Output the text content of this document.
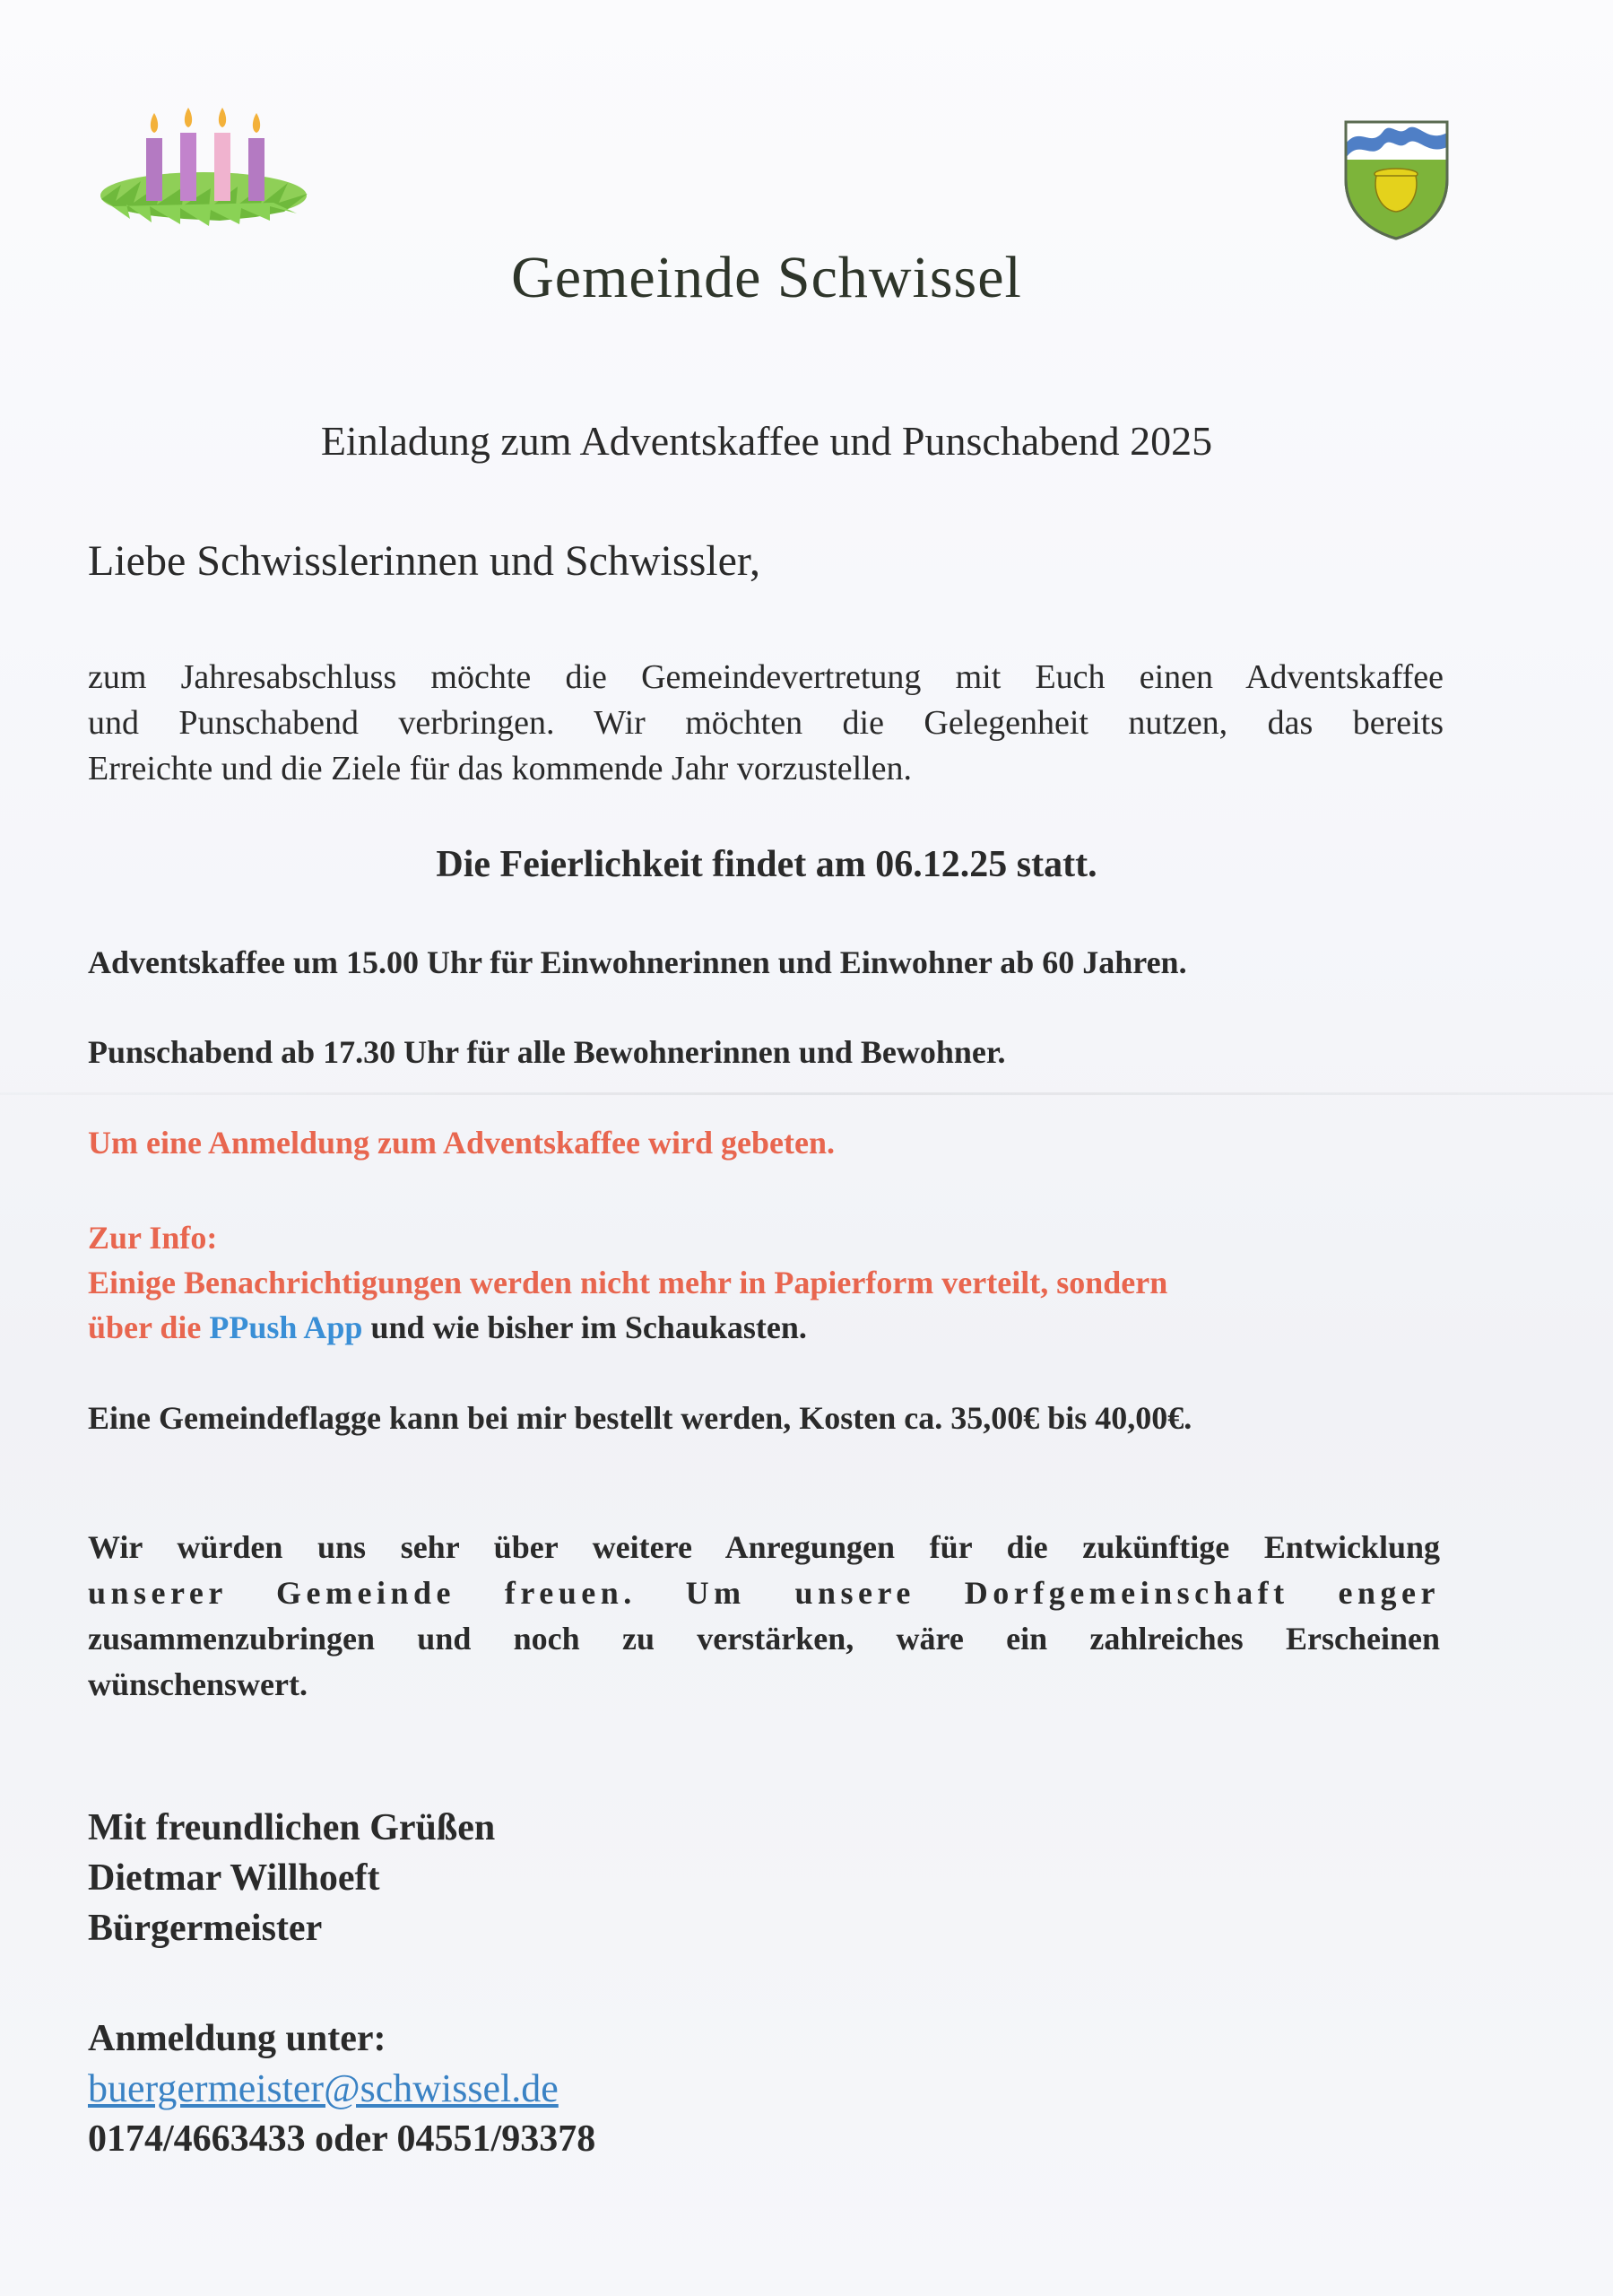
Gemeinde Schwissel
Einladung zum Adventskaffee und Punschabend 2025
Liebe Schwisslerinnen und Schwissler,
zum Jahresabschluss möchte die Gemeindevertretung mit Euch einen Adventskaffee
und Punschabend verbringen. Wir möchten die Gelegenheit nutzen, das bereits
Erreichte und die Ziele für das kommende Jahr vorzustellen.
Die Feierlichkeit findet am 06.12.25 statt.
Adventskaffee um 15.00 Uhr für Einwohnerinnen und Einwohner ab 60 Jahren.
Punschabend ab 17.30 Uhr für alle Bewohnerinnen und Bewohner.
Um eine Anmeldung zum Adventskaffee wird gebeten.
Zur Info:
Einige Benachrichtigungen werden nicht mehr in Papierform verteilt, sondern
über die PPush App und wie bisher im Schaukasten.
Eine Gemeindeflagge kann bei mir bestellt werden, Kosten ca. 35,00€ bis 40,00€.
Wir würden uns sehr über weitere Anregungen für die zukünftige Entwicklung
unserer Gemeinde freuen. Um unsere Dorfgemeinschaft enger
zusammenzubringen und noch zu verstärken, wäre ein zahlreiches Erscheinen
wünschenswert.
Mit freundlichen Grüßen
Dietmar Willhoeft
Bürgermeister
Anmeldung unter:
buergermeister@schwissel.de
0174/4663433 oder 04551/93378
